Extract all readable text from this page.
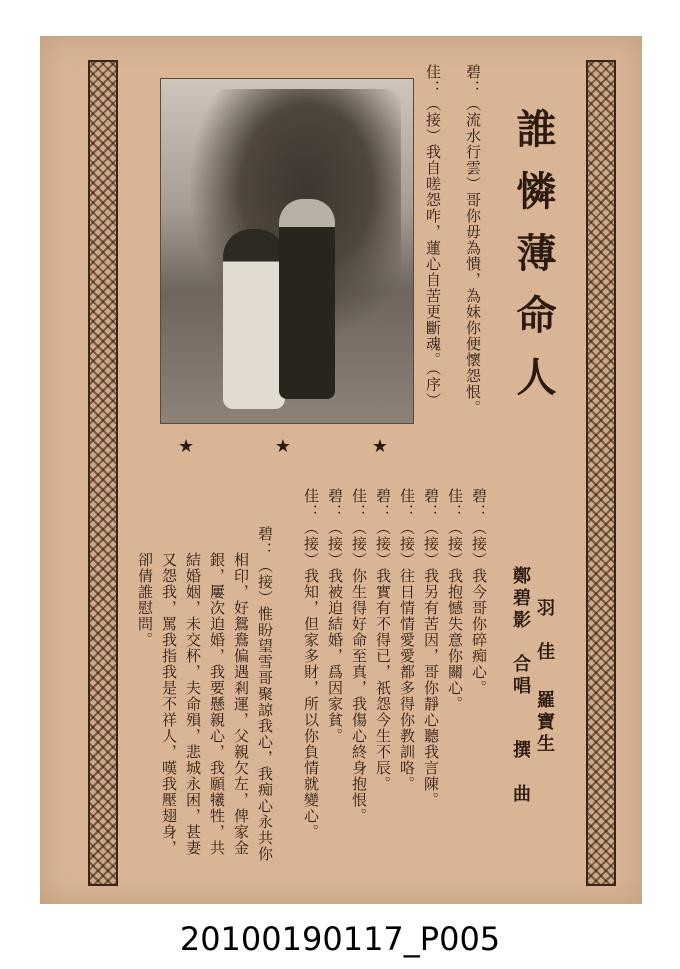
★	★	★
誰憐薄命人
碧：（流水行雲）哥你毋為憒，為妹你便懷怨恨。
佳：（接）我自嗟怨咋，蓮心自苦更斷魂。（序）
羽　佳
鄭碧影　合唱
羅寶生
撰　曲
碧：（接）我今哥你碎痴心。
佳：（接）我抱憾失意你關心。
碧：（接）我另有苦因，哥你靜心聽我言陳。
佳：（接）往日情情愛愛都多得你教訓咯。
碧：（接）我實有不得已，祇怨今生不辰。
佳：（接）你生得好命至真，我傷心終身抱恨。
碧：（接）我被迫結婚，爲因家貧。
佳：（接）我知，但家多財，所以你負情就變心。
碧：（接）惟盼望雪哥聚諒我心，我痴心永共你
相印，好鴛鴦偏遇剎運，父親欠左，俾家金
銀，屢次迫婚，我要懸親心，我願犧牲，共
結婚姻，未交杯，夫命殞，悲城永困，甚妻
又怨我，罵我指我是不祥人，嘆我壓翅身，
卻倩誰慰問。
20100190117_P005
